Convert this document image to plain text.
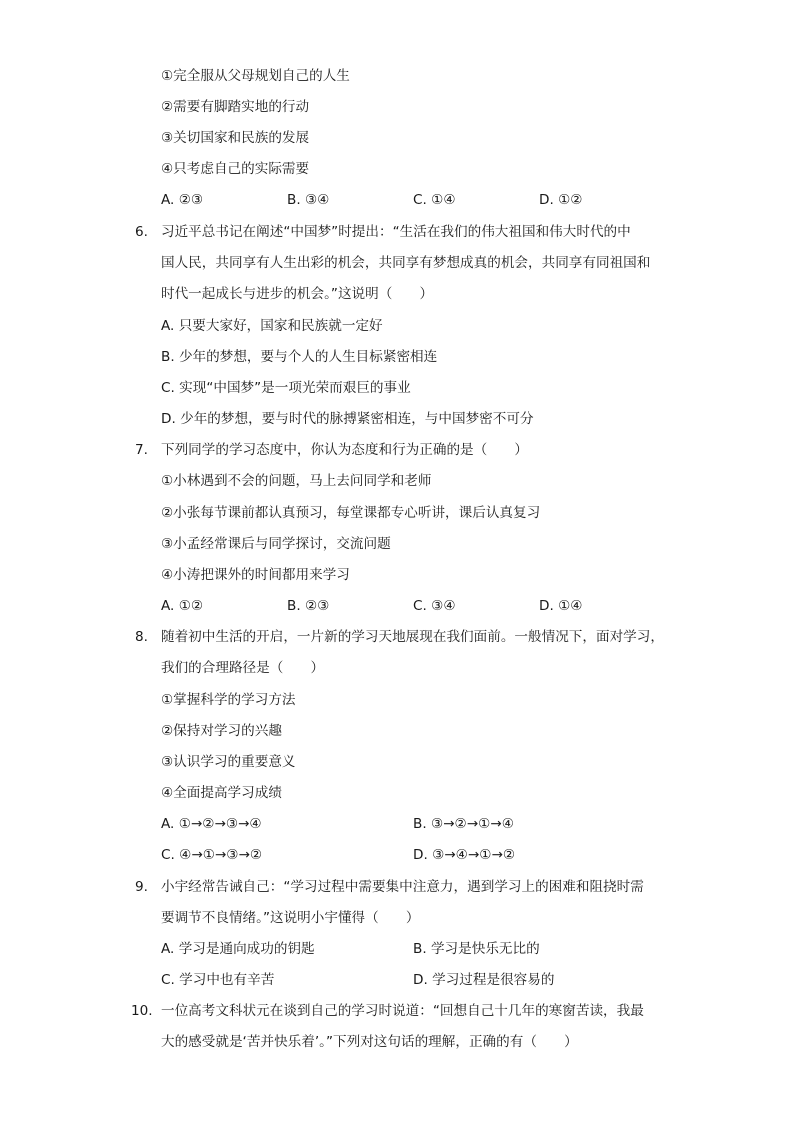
①完全服从父母规划自己的人生
②需要有脚踏实地的行动
③关切国家和民族的发展
④只考虑自己的实际需要
A. ②③	B. ③④	C. ①④	D. ①②
6. 习近平总书记在阐述“中国梦”时提出：“生活在我们的伟大祖国和伟大时代的中
国人民，共同享有人生出彩的机会，共同享有梦想成真的机会，共同享有同祖国和
时代一起成长与进步的机会。”这说明（　　）
A. 只要大家好，国家和民族就一定好
B. 少年的梦想，要与个人的人生目标紧密相连
C. 实现“中国梦”是一项光荣而艰巨的事业
D. 少年的梦想，要与时代的脉搏紧密相连，与中国梦密不可分
7. 下列同学的学习态度中，你认为态度和行为正确的是（　　）
①小林遇到不会的问题，马上去问同学和老师
②小张每节课前都认真预习，每堂课都专心听讲，课后认真复习
③小孟经常课后与同学探讨，交流问题
④小涛把课外的时间都用来学习
A. ①②	B. ②③	C. ③④	D. ①④
8. 随着初中生活的开启，一片新的学习天地展现在我们面前。一般情况下，面对学习，
我们的合理路径是（　　）
①掌握科学的学习方法
②保持对学习的兴趣
③认识学习的重要意义
④全面提高学习成绩
A. ①→②→③→④	B. ③→②→①→④
C. ④→①→③→②	D. ③→④→①→②
9. 小宇经常告诫自己：“学习过程中需要集中注意力，遇到学习上的困难和阻挠时需
要调节不良情绪。”这说明小宇懂得（　　）
A. 学习是通向成功的钥匙	B. 学习是快乐无比的
C. 学习中也有辛苦	D. 学习过程是很容易的
10. 一位高考文科状元在谈到自己的学习时说道：“回想自己十几年的寒窗苦读，我最
大的感受就是‘苦并快乐着’。”下列对这句话的理解，正确的有（　　）
